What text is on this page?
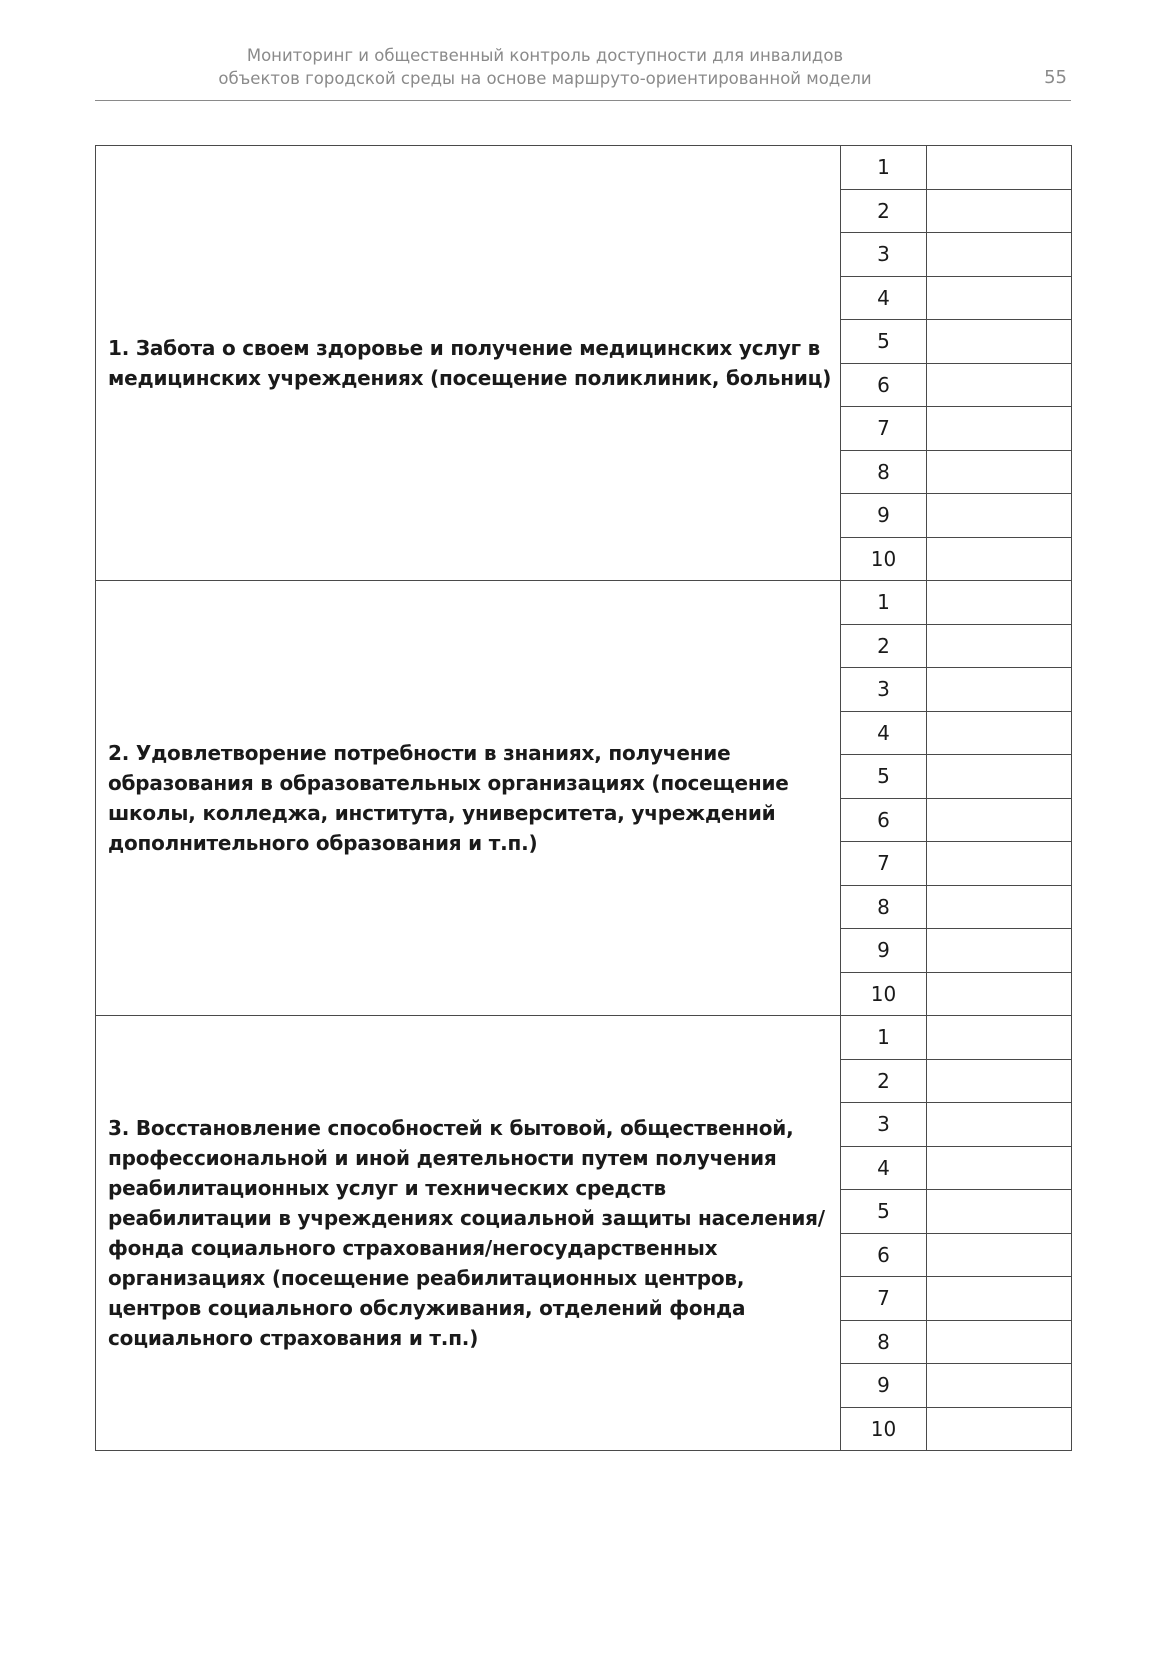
Мониторинг и общественный контроль доступности для инвалидов
объектов городской среды на основе маршруто-ориентированной модели	55
1. Забота о своем здоровье и получение медицинских услуг в медицинских учреждениях (посещение поликлиник, больниц)	1	
	2	
	3	
	4	
	5	
	6	
	7	
	8	
	9	
	10	

2. Удовлетворение потребности в знаниях, получение образования в образовательных организациях (посещение школы, колледжа, института, университета, учреждений дополнительного образования и т.п.)	1	
	2	
	3	
	4	
	5	
	6	
	7	
	8	
	9	
	10	

3. Восстановление способностей к бытовой, общественной, профессиональной и иной деятельности путем получения реабилитационных услуг и технических средств реабилитации в учреждениях социальной защиты населения/фонда социального страхования/негосударственных организациях (посещение реабилитационных центров, центров социального обслуживания, отделений фонда социального страхования и т.п.)	1	
	2	
	3	
	4	
	5	
	6	
	7	
	8	
	9	
	10	
